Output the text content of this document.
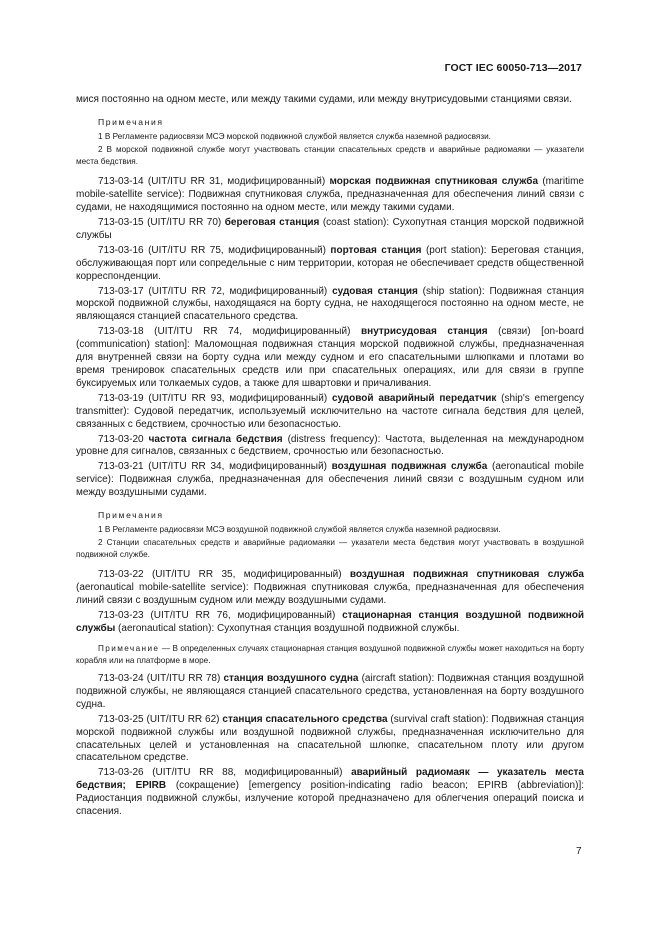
ГОСТ IEC 60050-713—2017

мися постоянно на одном месте, или между такими судами, или между внутрисудовыми станциями связи.

Примечания

1 В Регламенте радиосвязи МСЭ морской подвижной службой является служба наземной радиосвязи.

2 В морской подвижной службе могут участвовать станции спасательных средств и аварийные радиомаяки — указатели места бедствия.

713-03-14 (UIT/ITU RR 31, модифицированный) морская подвижная спутниковая служба (maritime mobile-satellite service): Подвижная спутниковая служба, предназначенная для обеспечения линий связи с судами, не находящимися постоянно на одном месте, или между такими судами.

713-03-15 (UIT/ITU RR 70) береговая станция (coast station): Сухопутная станция морской подвижной службы

713-03-16 (UIT/ITU RR 75, модифицированный) портовая станция (port station): Береговая станция, обслуживающая порт или сопредельные с ним территории, которая не обеспечивает средств общественной корреспонденции.

713-03-17 (UIT/ITU RR 72, модифицированный) судовая станция (ship station): Подвижная станция морской подвижной службы, находящаяся на борту судна, не находящегося постоянно на одном месте, не являющаяся станцией спасательного средства.

713-03-18 (UIT/ITU RR 74, модифицированный) внутрисудовая станция (связи) [on-board (communication) station]: Маломощная подвижная станция морской подвижной службы, предназначенная для внутренней связи на борту судна или между судном и его спасательными шлюпками и плотами во время тренировок спасательных средств или при спасательных операциях, или для связи в группе буксируемых или толкаемых судов, а также для швартовки и причаливания.

713-03-19 (UIT/ITU RR 93, модифицированный) судовой аварийный передатчик (ship's emergency transmitter): Судовой передатчик, используемый исключительно на частоте сигнала бедствия для целей, связанных с бедствием, срочностью или безопасностью.

713-03-20 частота сигнала бедствия (distress frequency): Частота, выделенная на международном уровне для сигналов, связанных с бедствием, срочностью или безопасностью.

713-03-21 (UIT/ITU RR 34, модифицированный) воздушная подвижная служба (aeronautical mobile service): Подвижная служба, предназначенная для обеспечения линий связи с воздушным судном или между воздушными судами.

Примечания

1 В Регламенте радиосвязи МСЭ воздушной подвижной службой является служба наземной радиосвязи.

2 Станции спасательных средств и аварийные радиомаяки — указатели места бедствия могут участвовать в воздушной подвижной службе.

713-03-22 (UIT/ITU RR 35, модифицированный) воздушная подвижная спутниковая служба (aeronautical mobile-satellite service): Подвижная спутниковая служба, предназначенная для обеспечения линий связи с воздушным судном или между воздушными судами.

713-03-23 (UIT/ITU RR 76, модифицированный) стационарная станция воздушной подвижной службы (aeronautical station): Сухопутная станция воздушной подвижной службы.

Примечание — В определенных случаях стационарная станция воздушной подвижной службы может находиться на борту корабля или на платформе в море.

713-03-24 (UIT/ITU RR 78) станция воздушного судна (aircraft station): Подвижная станция воздушной подвижной службы, не являющаяся станцией спасательного средства, установленная на борту воздушного судна.

713-03-25 (UIT/ITU RR 62) станция спасательного средства (survival craft station): Подвижная станция морской подвижной службы или воздушной подвижной службы, предназначенная исключительно для спасательных целей и установленная на спасательной шлюпке, спасательном плоту или другом спасательном средстве.

713-03-26 (UIT/ITU RR 88, модифицированный) аварийный радиомаяк — указатель места бедствия; EPIRB (сокращение) [emergency position-indicating radio beacon; EPIRB (abbreviation)]: Радиостанция подвижной службы, излучение которой предназначено для облегчения операций поиска и спасения.

7
